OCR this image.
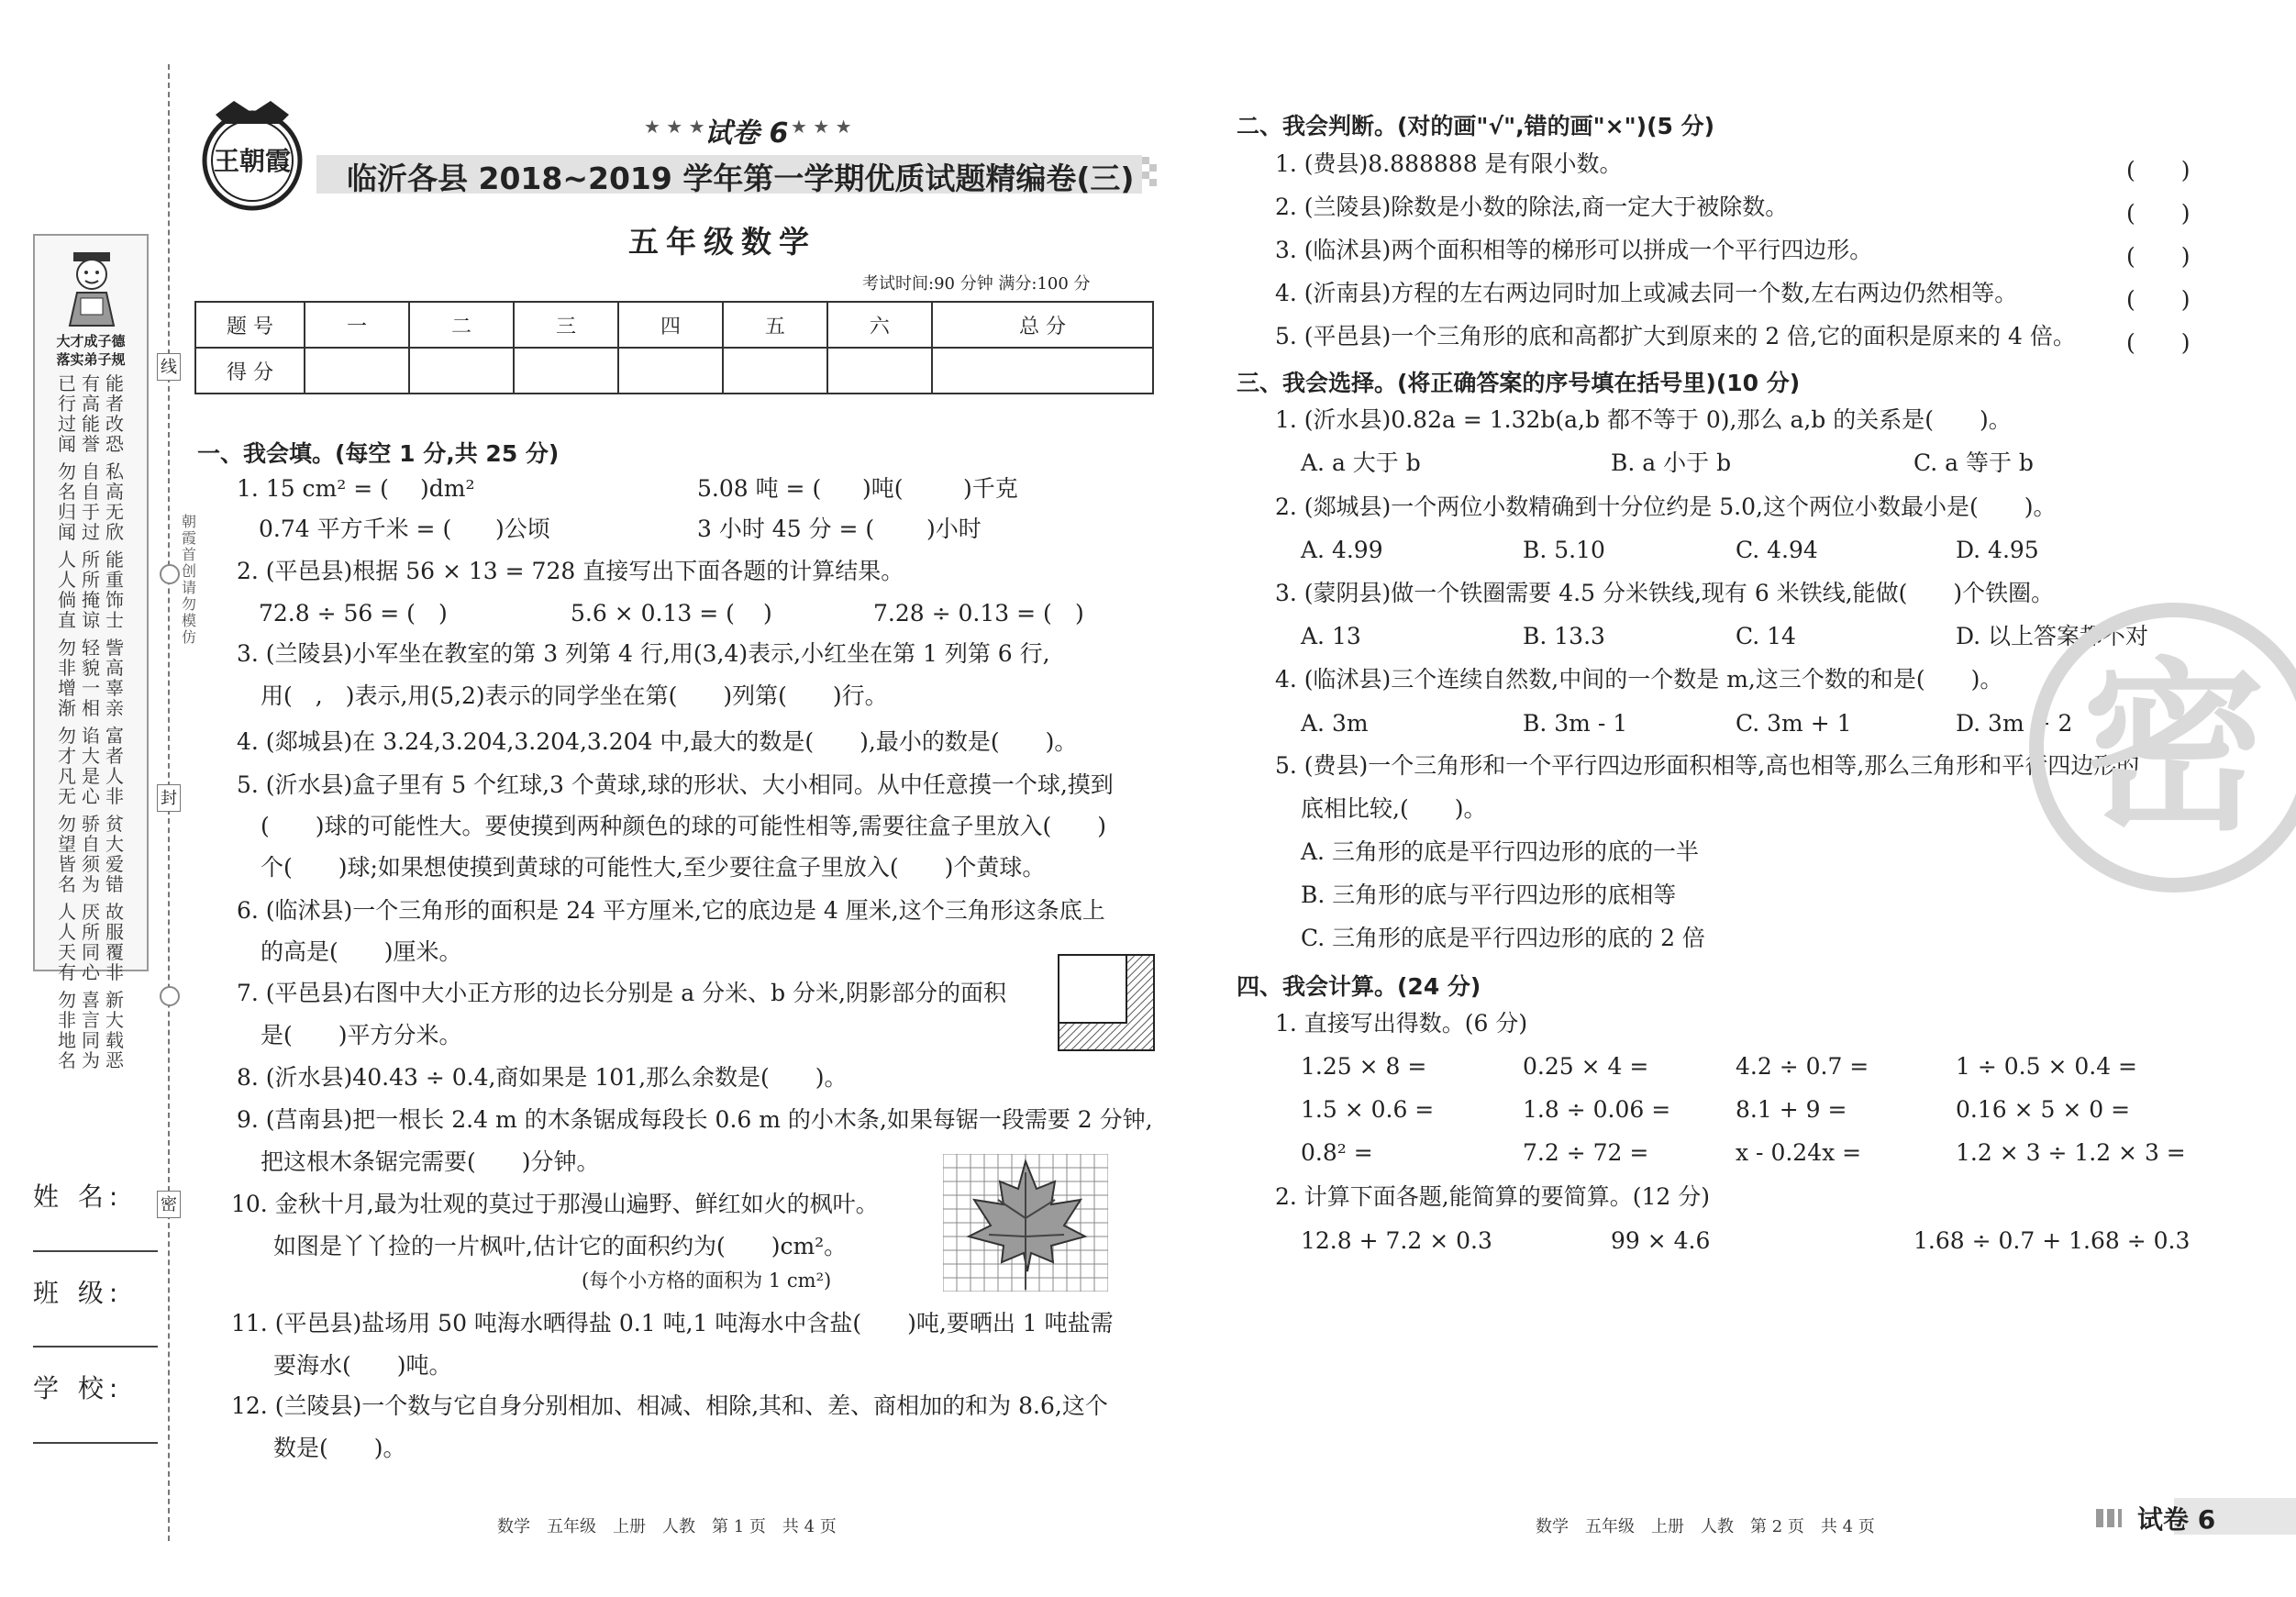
线
封
密
朝霞首创 请勿模仿
大才成子德
落实弟子规
已行过闻
有高能誉
能者改恐
勿名归闻
自自于过
私高无欣
人人倘直
所所掩谅
能重饰士
勿非增渐
轻貌一相
訾高辜亲
勿才凡无
谄大是心
富者人非
勿望皆名
骄自须为
贫大爱错
人人天有
厌所同心
故服覆非
勿非地名
喜言同为
新大载恶
姓 名:
班 级:
学 校:
王朝霞
★ ★ ★ 试卷 6 ★ ★ ★
临沂各县 2018~2019 学年第一学期优质试题精编卷(三)
五年级数学
考试时间:90 分钟 满分:100 分
题 号	一	二	三	四	五	六	总 分
得 分							
一、我会填。(每空 1 分,共 25 分)
1. 15 cm² = ( )dm²	5.08 吨 = ( )吨(	)千克
0.74 平方千米 = ( )公顷	3 小时 45 分 = ( )小时
2. (平邑县)根据 56 × 13 = 728 直接写出下面各题的计算结果。
72.8 ÷ 56 = ( )	5.6 × 0.13 = ( )	7.28 ÷ 0.13 = ( )
3. (兰陵县)小军坐在教室的第 3 列第 4 行,用(3,4)表示,小红坐在第 1 列第 6 行,
用(　,　)表示,用(5,2)表示的同学坐在第(　　)列第(　　)行。
4. (郯城县)在 3.24,3.204,3.204,3.204 中,最大的数是(　　),最小的数是(　　)。
5. (沂水县)盒子里有 5 个红球,3 个黄球,球的形状、大小相同。从中任意摸一个球,摸到
(　　)球的可能性大。要使摸到两种颜色的球的可能性相等,需要往盒子里放入(　　)
个(　　)球;如果想使摸到黄球的可能性大,至少要往盒子里放入(　　)个黄球。
6. (临沭县)一个三角形的面积是 24 平方厘米,它的底边是 4 厘米,这个三角形这条底上
的高是(　　)厘米。
7. (平邑县)右图中大小正方形的边长分别是 a 分米、b 分米,阴影部分的面积
是(　　)平方分米。
8. (沂水县)40.43 ÷ 0.4,商如果是 101,那么余数是(　　)。
9. (莒南县)把一根长 2.4 m 的木条锯成每段长 0.6 m 的小木条,如果每锯一段需要 2 分钟,
把这根木条锯完需要(　　)分钟。
10. 金秋十月,最为壮观的莫过于那漫山遍野、鲜红如火的枫叶。
如图是丫丫捡的一片枫叶,估计它的面积约为(　　)cm²。
(每个小方格的面积为 1 cm²)
11. (平邑县)盐场用 50 吨海水晒得盐 0.1 吨,1 吨海水中含盐(　　)吨,要晒出 1 吨盐需
要海水(　　)吨。
12. (兰陵县)一个数与它自身分别相加、相减、相除,其和、差、商相加的和为 8.6,这个
数是(　　)。
数学　五年级　上册　人教　第 1 页　共 4 页
二、我会判断。(对的画"√",错的画"×")(5 分)
1. (费县)8.888888 是有限小数。	(　　)
2. (兰陵县)除数是小数的除法,商一定大于被除数。	(　　)
3. (临沭县)两个面积相等的梯形可以拼成一个平行四边形。	(　　)
4. (沂南县)方程的左右两边同时加上或减去同一个数,左右两边仍然相等。	(　　)
5. (平邑县)一个三角形的底和高都扩大到原来的 2 倍,它的面积是原来的 4 倍。 (　　)
三、我会选择。(将正确答案的序号填在括号里)(10 分)
1. (沂水县)0.82a = 1.32b(a,b 都不等于 0),那么 a,b 的关系是(　　)。
A. a 大于 b	B. a 小于 b	C. a 等于 b
2. (郯城县)一个两位小数精确到十分位约是 5.0,这个两位小数最小是(　　)。
A. 4.99	B. 5.10	C. 4.94	D. 4.95
3. (蒙阴县)做一个铁圈需要 4.5 分米铁线,现有 6 米铁线,能做(　　)个铁圈。
A. 13	B. 13.3	C. 14	D. 以上答案都不对
4. (临沭县)三个连续自然数,中间的一个数是 m,这三个数的和是(　　)。
A. 3m	B. 3m - 1	C. 3m + 1	D. 3m + 2
5. (费县)一个三角形和一个平行四边形面积相等,高也相等,那么三角形和平行四边形的
底相比较,(　　)。
A. 三角形的底是平行四边形的底的一半
B. 三角形的底与平行四边形的底相等
C. 三角形的底是平行四边形的底的 2 倍
四、我会计算。(24 分)
1. 直接写出得数。(6 分)
1.25 × 8 =	0.25 × 4 =	4.2 ÷ 0.7 =	1 ÷ 0.5 × 0.4 =
1.5 × 0.6 =	1.8 ÷ 0.06 =	8.1 + 9 =	0.16 × 5 × 0 =
0.8² =	7.2 ÷ 72 =	x - 0.24x =	1.2 × 3 ÷ 1.2 × 3 =
2. 计算下面各题,能简算的要简算。(12 分)
12.8 + 7.2 × 0.3	99 × 4.6	1.68 ÷ 0.7 + 1.68 ÷ 0.3
密
数学　五年级　上册　人教　第 2 页　共 4 页	试卷 6
